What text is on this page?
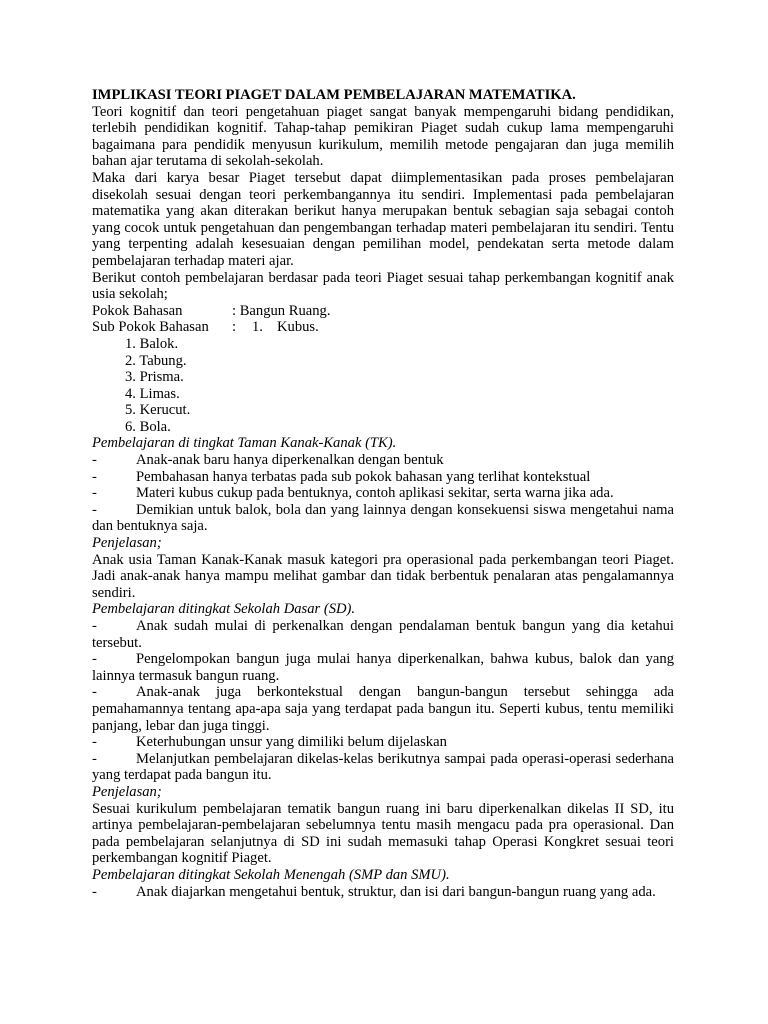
IMPLIKASI TEORI PIAGET DALAM PEMBELAJARAN MATEMATIKA.

Teori kognitif dan teori pengetahuan piaget sangat banyak mempengaruhi bidang pendidikan, terlebih pendidikan kognitif. Tahap-tahap pemikiran Piaget sudah cukup lama mempengaruhi bagaimana para pendidik menyusun kurikulum, memilih metode pengajaran dan juga memilih bahan ajar terutama di sekolah-sekolah.

Maka dari karya besar Piaget tersebut dapat diimplementasikan pada proses pembelajaran disekolah sesuai dengan teori perkembangannya itu sendiri. Implementasi pada pembelajaran matematika yang akan diterakan berikut hanya merupakan bentuk sebagian saja sebagai contoh yang cocok untuk pengetahuan dan pengembangan terhadap materi pembelajaran itu sendiri. Tentu yang terpenting adalah kesesuaian dengan pemilihan model, pendekatan serta metode dalam pembelajaran terhadap materi ajar.

Berikut contoh pembelajaran berdasar pada teori Piaget sesuai tahap perkembangan kognitif anak usia sekolah;

Pokok Bahasan	: Bangun Ruang.
Sub Pokok Bahasan	:	1. Kubus.
1. Balok.
2. Tabung.
3. Prisma.
4. Limas.
5. Kerucut.
6. Bola.

Pembelajaran di tingkat Taman Kanak-Kanak (TK).

-	Anak-anak baru hanya diperkenalkan dengan bentuk

-	Pembahasan hanya terbatas pada sub pokok bahasan yang terlihat kontekstual

-	Materi kubus cukup pada bentuknya, contoh aplikasi sekitar, serta warna jika ada.

-	Demikian untuk balok, bola dan yang lainnya dengan konsekuensi siswa mengetahui nama dan bentuknya saja.

Penjelasan;

Anak usia Taman Kanak-Kanak masuk kategori pra operasional pada perkembangan teori Piaget. Jadi anak-anak hanya mampu melihat gambar dan tidak berbentuk penalaran atas pengalamannya sendiri.

Pembelajaran ditingkat Sekolah Dasar (SD).

-	Anak sudah mulai di perkenalkan dengan pendalaman bentuk bangun yang dia ketahui tersebut.

-	Pengelompokan bangun juga mulai hanya diperkenalkan, bahwa kubus, balok dan yang lainnya termasuk bangun ruang.

-	Anak-anak juga berkontekstual dengan bangun-bangun tersebut sehingga ada pemahamannya tentang apa-apa saja yang terdapat pada bangun itu. Seperti kubus, tentu memiliki panjang, lebar dan juga tinggi.

-	Keterhubungan unsur yang dimiliki belum dijelaskan

-	Melanjutkan pembelajaran dikelas-kelas berikutnya sampai pada operasi-operasi sederhana yang terdapat pada bangun itu.

Penjelasan;

Sesuai kurikulum pembelajaran tematik bangun ruang ini baru diperkenalkan dikelas II SD, itu artinya pembelajaran-pembelajaran sebelumnya tentu masih mengacu pada pra operasional. Dan pada pembelajaran selanjutnya di SD ini sudah memasuki tahap Operasi Kongkret sesuai teori perkembangan kognitif Piaget.

Pembelajaran ditingkat Sekolah Menengah (SMP dan SMU).

-	Anak diajarkan mengetahui bentuk, struktur, dan isi dari bangun-bangun ruang yang ada.
